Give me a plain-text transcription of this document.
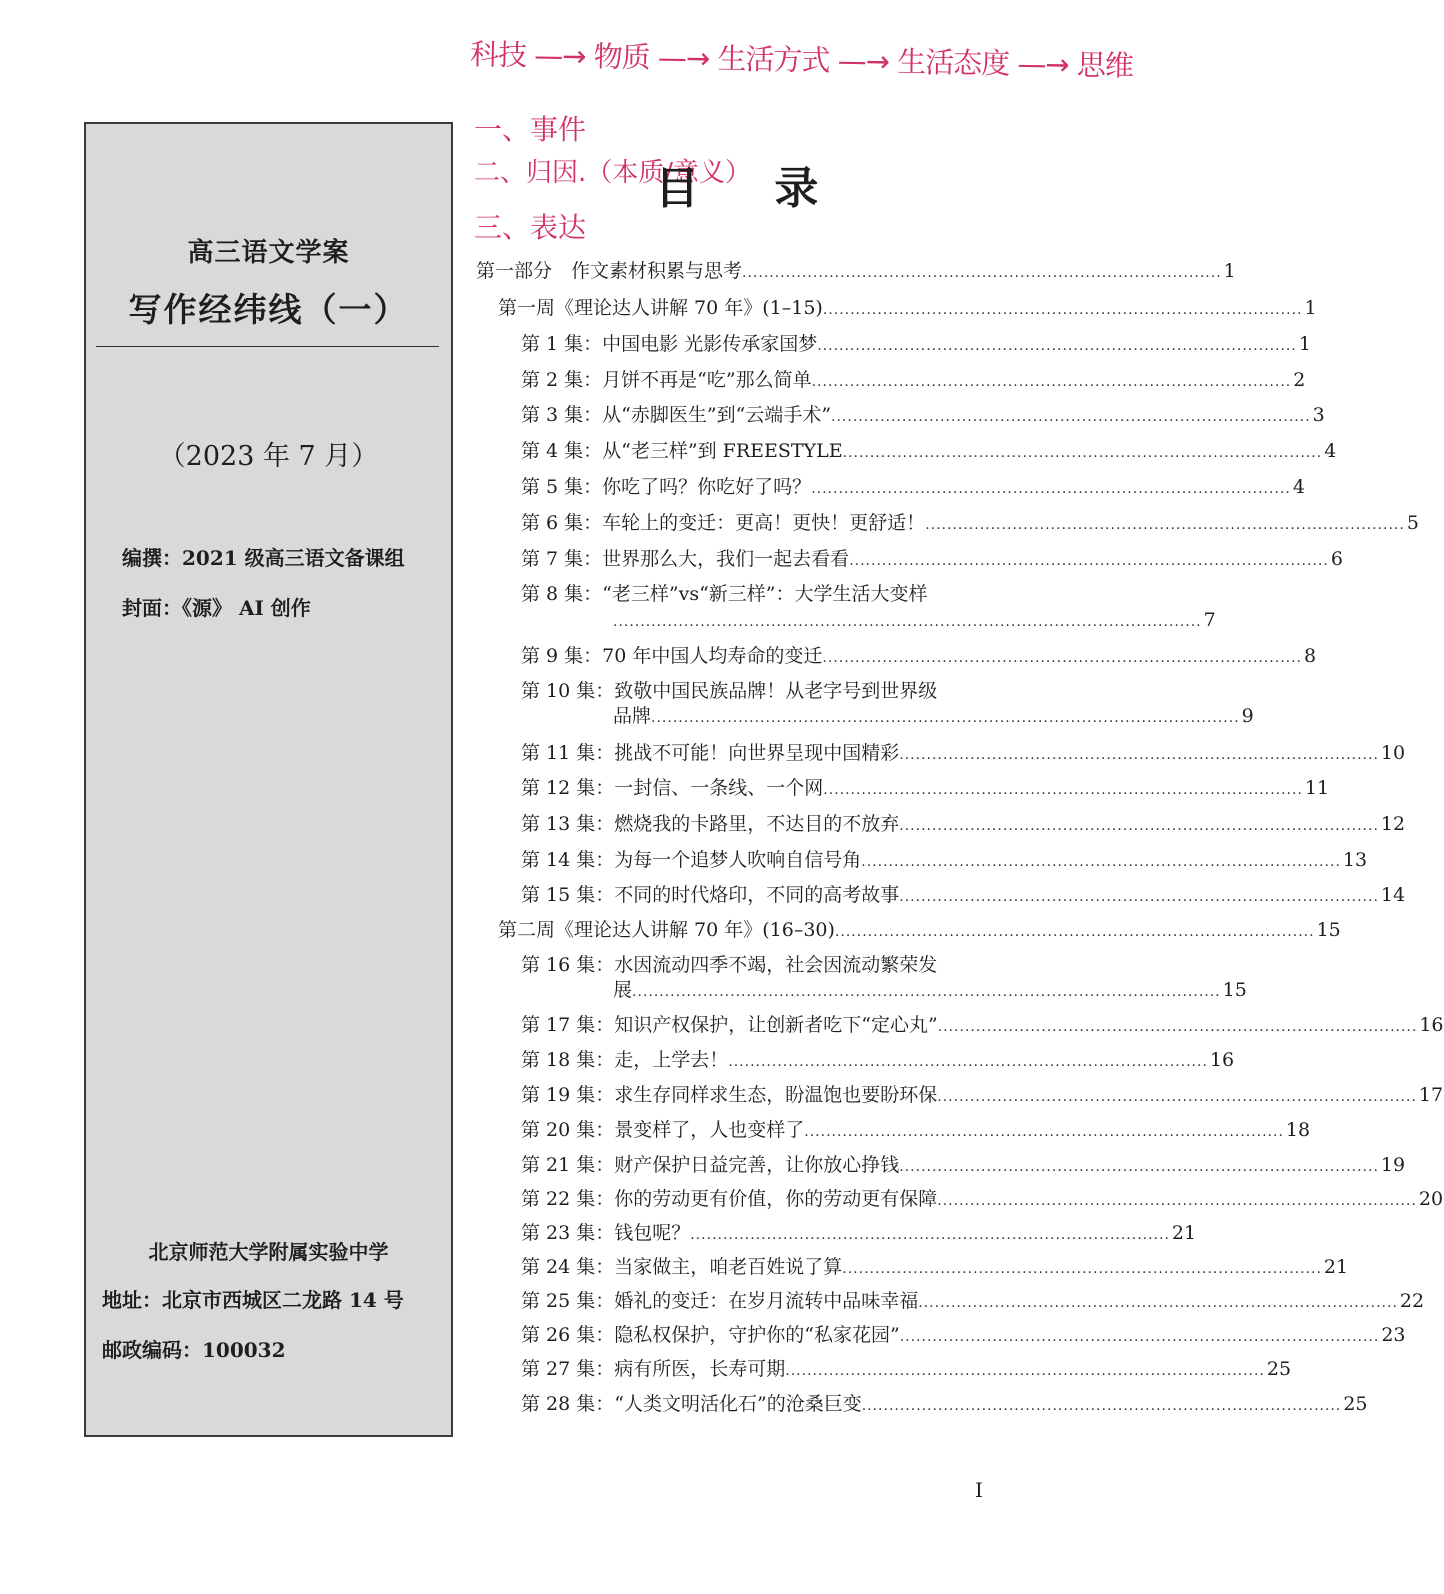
高三语文学案
写作经纬线（一）
（2023 年 7 月）
编撰：2021 级高三语文备课组
封面：《源》 AI 创作
北京师范大学附属实验中学
地址：北京市西城区二龙路 14 号
邮政编码：100032
科技 —→ 物质 —→ 生活方式 —→ 生活态度 —→ 思维
一、事件
二、归因.（本质/意义）
三、表达
目 录
第一部分	作文素材积累与思考 ........................................................................................ 1
第一周《理论达人讲解 70 年》(1–15) ........................................................................................ 1
第 1 集： 中国电影 光影传承家国梦 ........................................................................................ 1
第 2 集： 月饼不再是“吃”那么简单 ........................................................................................ 2
第 3 集： 从“赤脚医生”到“云端手术” ........................................................................................ 3
第 4 集： 从“老三样”到 FREESTYLE ........................................................................................ 4
第 5 集： 你吃了吗？你吃好了吗？ ........................................................................................ 4
第 6 集： 车轮上的变迁：更高！更快！更舒适！ ........................................................................................ 5
第 7 集： 世界那么大，我们一起去看看 ........................................................................................ 6
第 8 集： “老三样”vs“新三样”：大学生活大变样
............................................................................................................ 7
第 9 集： 70 年中国人均寿命的变迁 ........................................................................................ 8
第 10 集： 致敬中国民族品牌！从老字号到世界级
品牌 ............................................................................................................ 9
第 11 集： 挑战不可能！向世界呈现中国精彩 ........................................................................................ 10
第 12 集： 一封信、一条线、一个网 ........................................................................................ 11
第 13 集： 燃烧我的卡路里，不达目的不放弃 ........................................................................................ 12
第 14 集： 为每一个追梦人吹响自信号角 ........................................................................................ 13
第 15 集： 不同的时代烙印，不同的高考故事 ........................................................................................ 14
第 16 集： 水因流动四季不竭，社会因流动繁荣发
展 ............................................................................................................ 15
第 17 集： 知识产权保护，让创新者吃下“定心丸” ........................................................................................ 16
第 18 集： 走，上学去！ ........................................................................................ 16
第 19 集： 求生存同样求生态，盼温饱也要盼环保 ........................................................................................ 17
第 20 集： 景变样了，人也变样了 ........................................................................................ 18
第 21 集： 财产保护日益完善，让你放心挣钱 ........................................................................................ 19
第 22 集： 你的劳动更有价值，你的劳动更有保障 ........................................................................................ 20
第 23 集： 钱包呢？ ........................................................................................ 21
第 24 集： 当家做主，咱老百姓说了算 ........................................................................................ 21
第 25 集： 婚礼的变迁：在岁月流转中品味幸福 ........................................................................................ 22
第 26 集： 隐私权保护，守护你的“私家花园” ........................................................................................ 23
第 27 集： 病有所医，长寿可期 ........................................................................................ 25
第 28 集： “人类文明活化石”的沧桑巨变 ........................................................................................ 25
第二周《理论达人讲解 70 年》(16–30) ........................................................................................ 15
I
